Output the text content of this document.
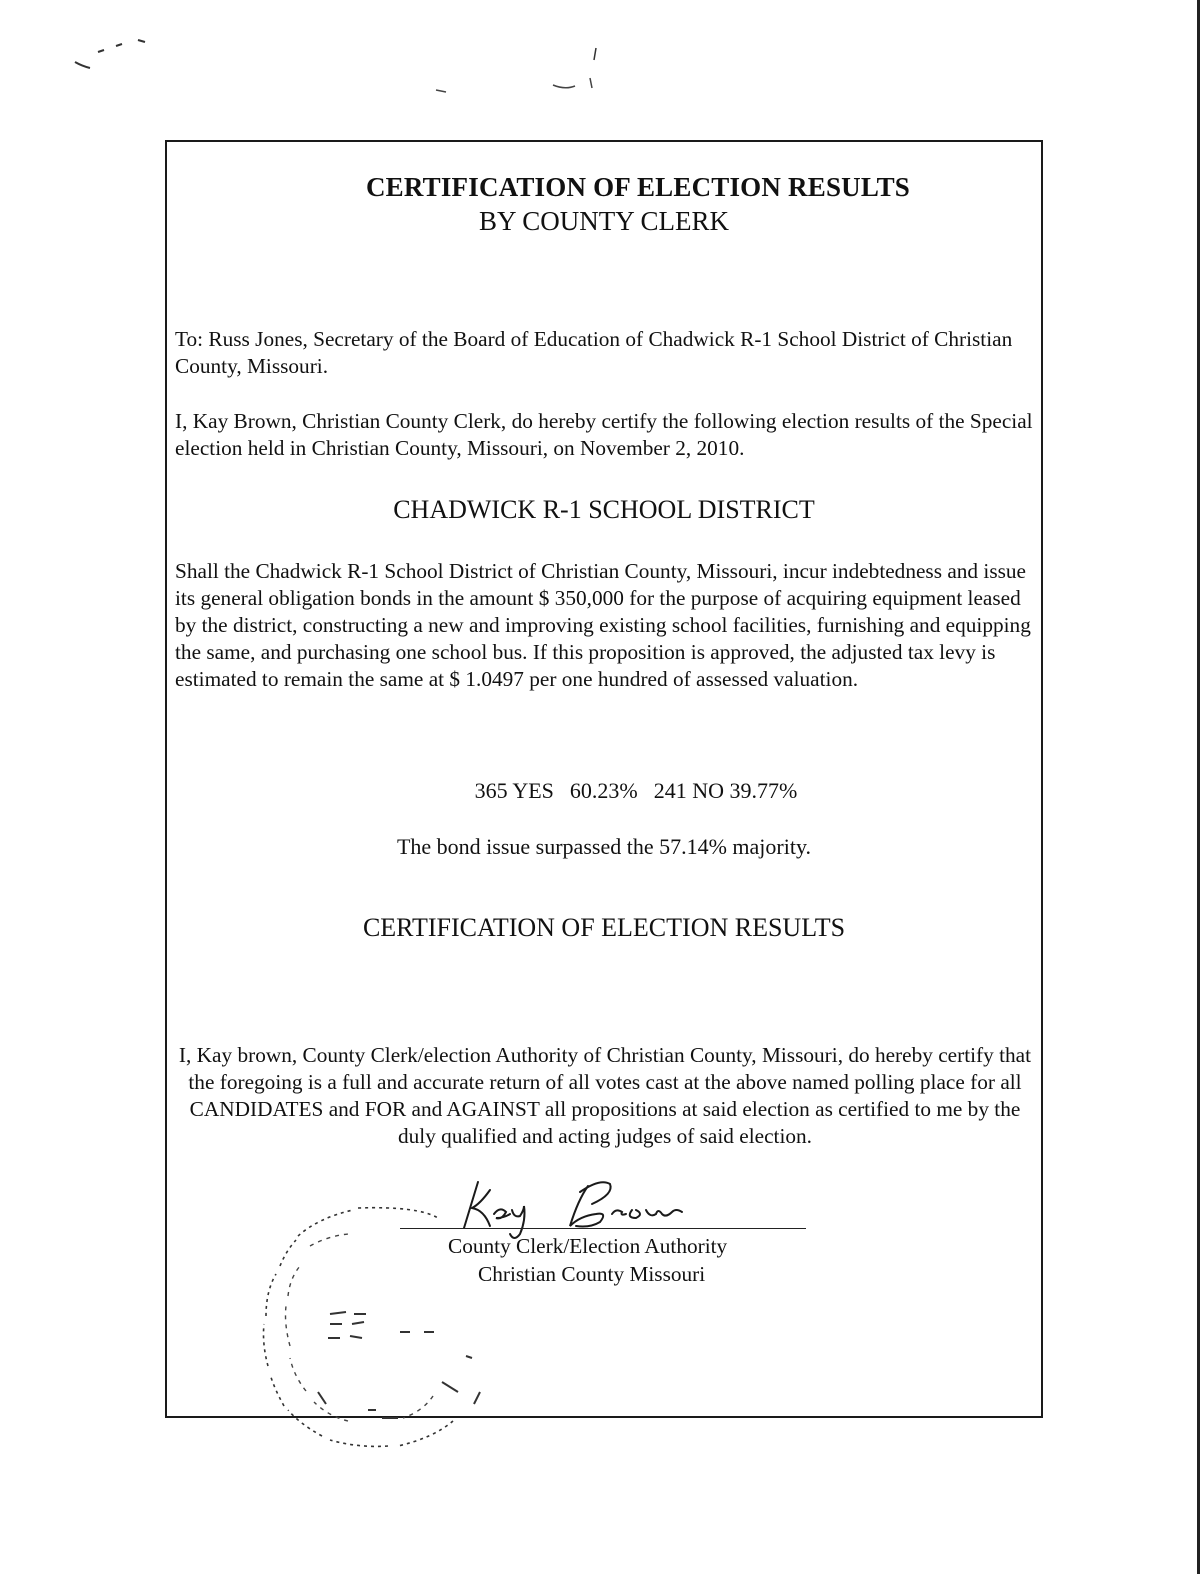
CERTIFICATION OF ELECTION RESULTS
BY COUNTY CLERK

To: Russ Jones, Secretary of the Board of Education of Chadwick R-1 School District of Christian County, Missouri.

I, Kay Brown, Christian County Clerk, do hereby certify the following election results of the Special election held in Christian County, Missouri, on November 2, 2010.

CHADWICK R-1 SCHOOL DISTRICT

Shall the Chadwick R-1 School District of Christian County, Missouri, incur indebtedness and issue its general obligation bonds in the amount $ 350,000 for the purpose of acquiring equipment leased by the district, constructing a new and improving existing school facilities, furnishing and equipping the same, and purchasing one school bus. If this proposition is approved, the adjusted tax levy is estimated to remain the same at $ 1.0497 per one hundred of assessed valuation.

365 YES 60.23% 241 NO 39.77%
The bond issue surpassed the 57.14% majority.
CERTIFICATION OF ELECTION RESULTS

I, Kay brown, County Clerk/election Authority of Christian County, Missouri, do hereby certify that the foregoing is a full and accurate return of all votes cast at the above named polling place for all CANDIDATES and FOR and AGAINST all propositions at said election as certified to me by the duly qualified and acting judges of said election.

County Clerk/Election Authority
Christian County Missouri
